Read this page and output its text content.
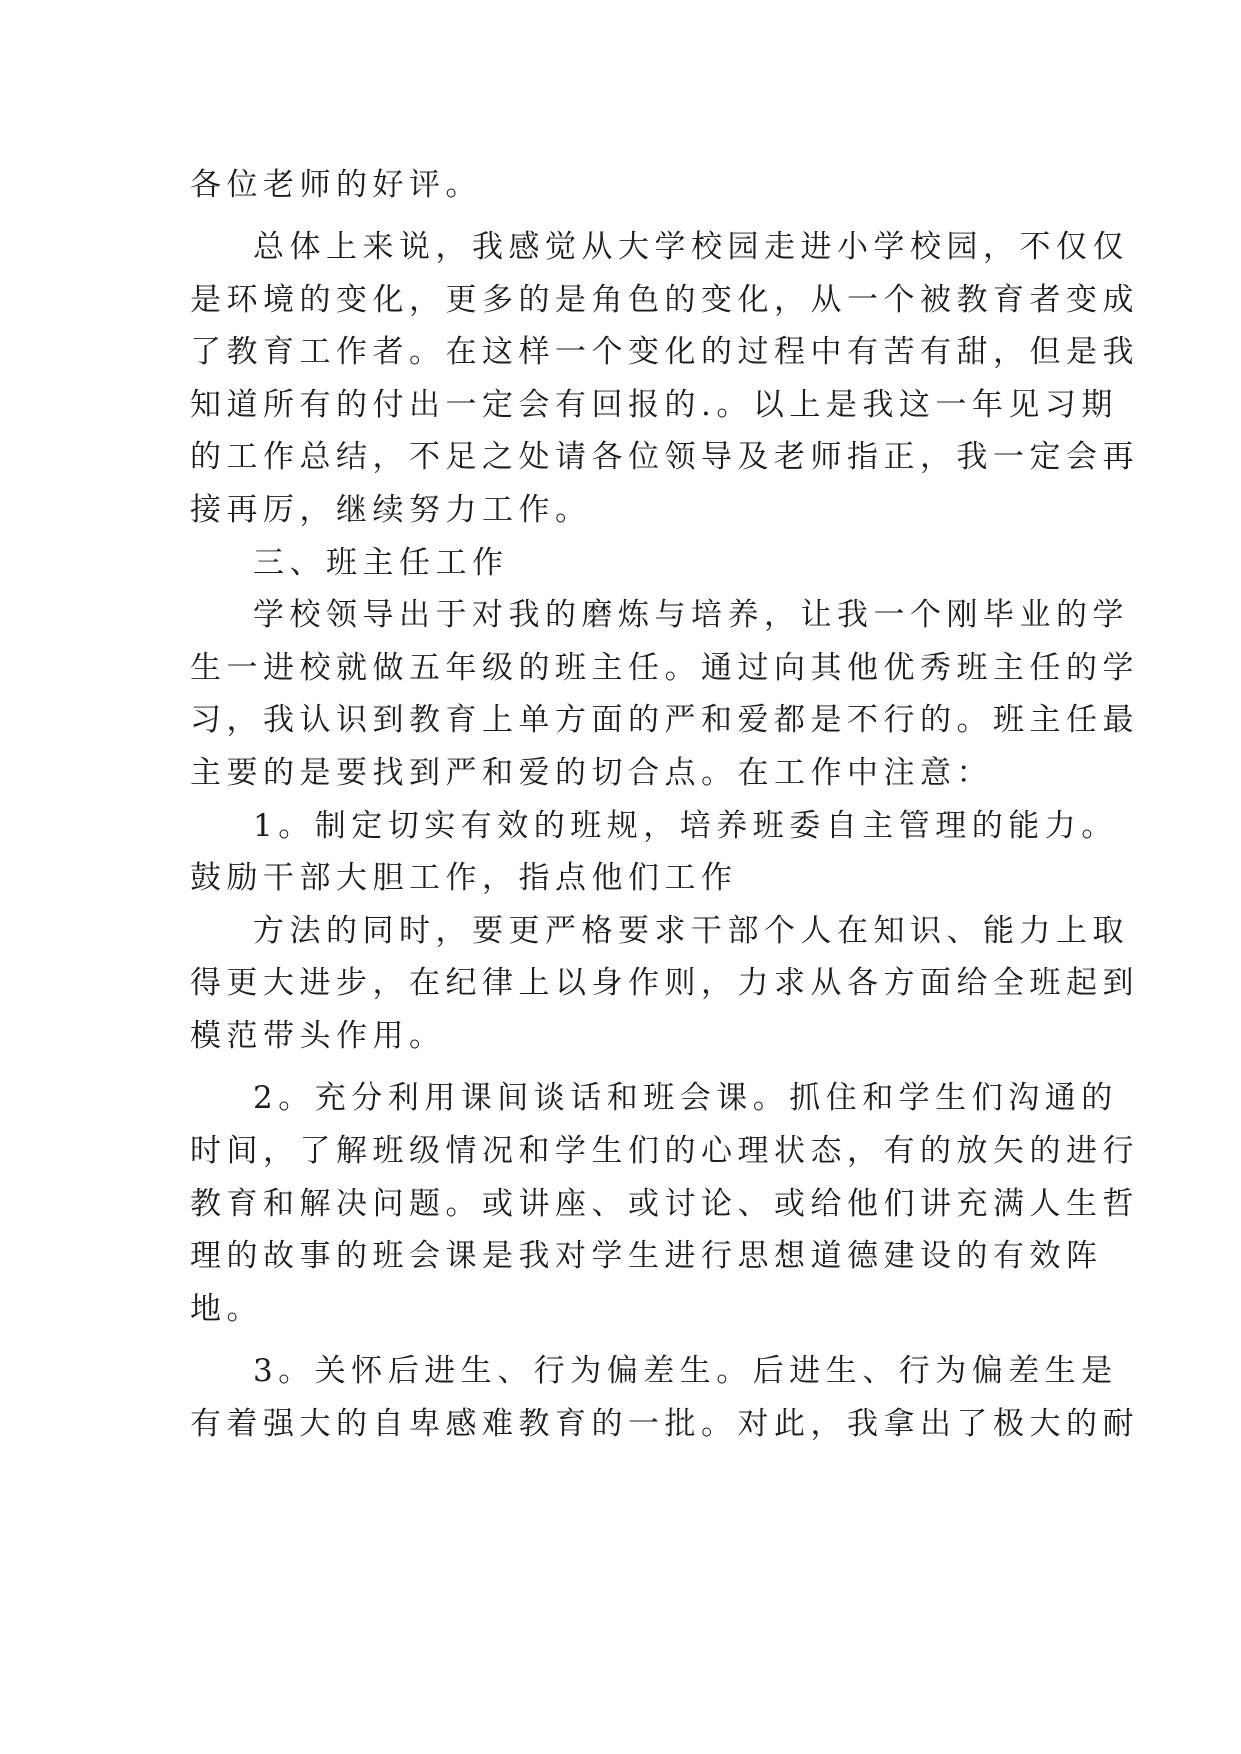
各位老师的好评。
总体上来说，我感觉从大学校园走进小学校园，不仅仅
是环境的变化，更多的是角色的变化，从一个被教育者变成
了教育工作者。在这样一个变化的过程中有苦有甜，但是我
知道所有的付出一定会有回报的.。以上是我这一年见习期
的工作总结，不足之处请各位领导及老师指正，我一定会再
接再厉，继续努力工作。
三、班主任工作
学校领导出于对我的磨炼与培养，让我一个刚毕业的学
生一进校就做五年级的班主任。通过向其他优秀班主任的学
习，我认识到教育上单方面的严和爱都是不行的。班主任最
主要的是要找到严和爱的切合点。在工作中注意：
1。制定切实有效的班规，培养班委自主管理的能力。
鼓励干部大胆工作，指点他们工作
方法的同时，要更严格要求干部个人在知识、能力上取
得更大进步，在纪律上以身作则，力求从各方面给全班起到
模范带头作用。
2。充分利用课间谈话和班会课。抓住和学生们沟通的
时间，了解班级情况和学生们的心理状态，有的放矢的进行
教育和解决问题。或讲座、或讨论、或给他们讲充满人生哲
理的故事的班会课是我对学生进行思想道德建设的有效阵
地。
3。关怀后进生、行为偏差生。后进生、行为偏差生是
有着强大的自卑感难教育的一批。对此，我拿出了极大的耐
